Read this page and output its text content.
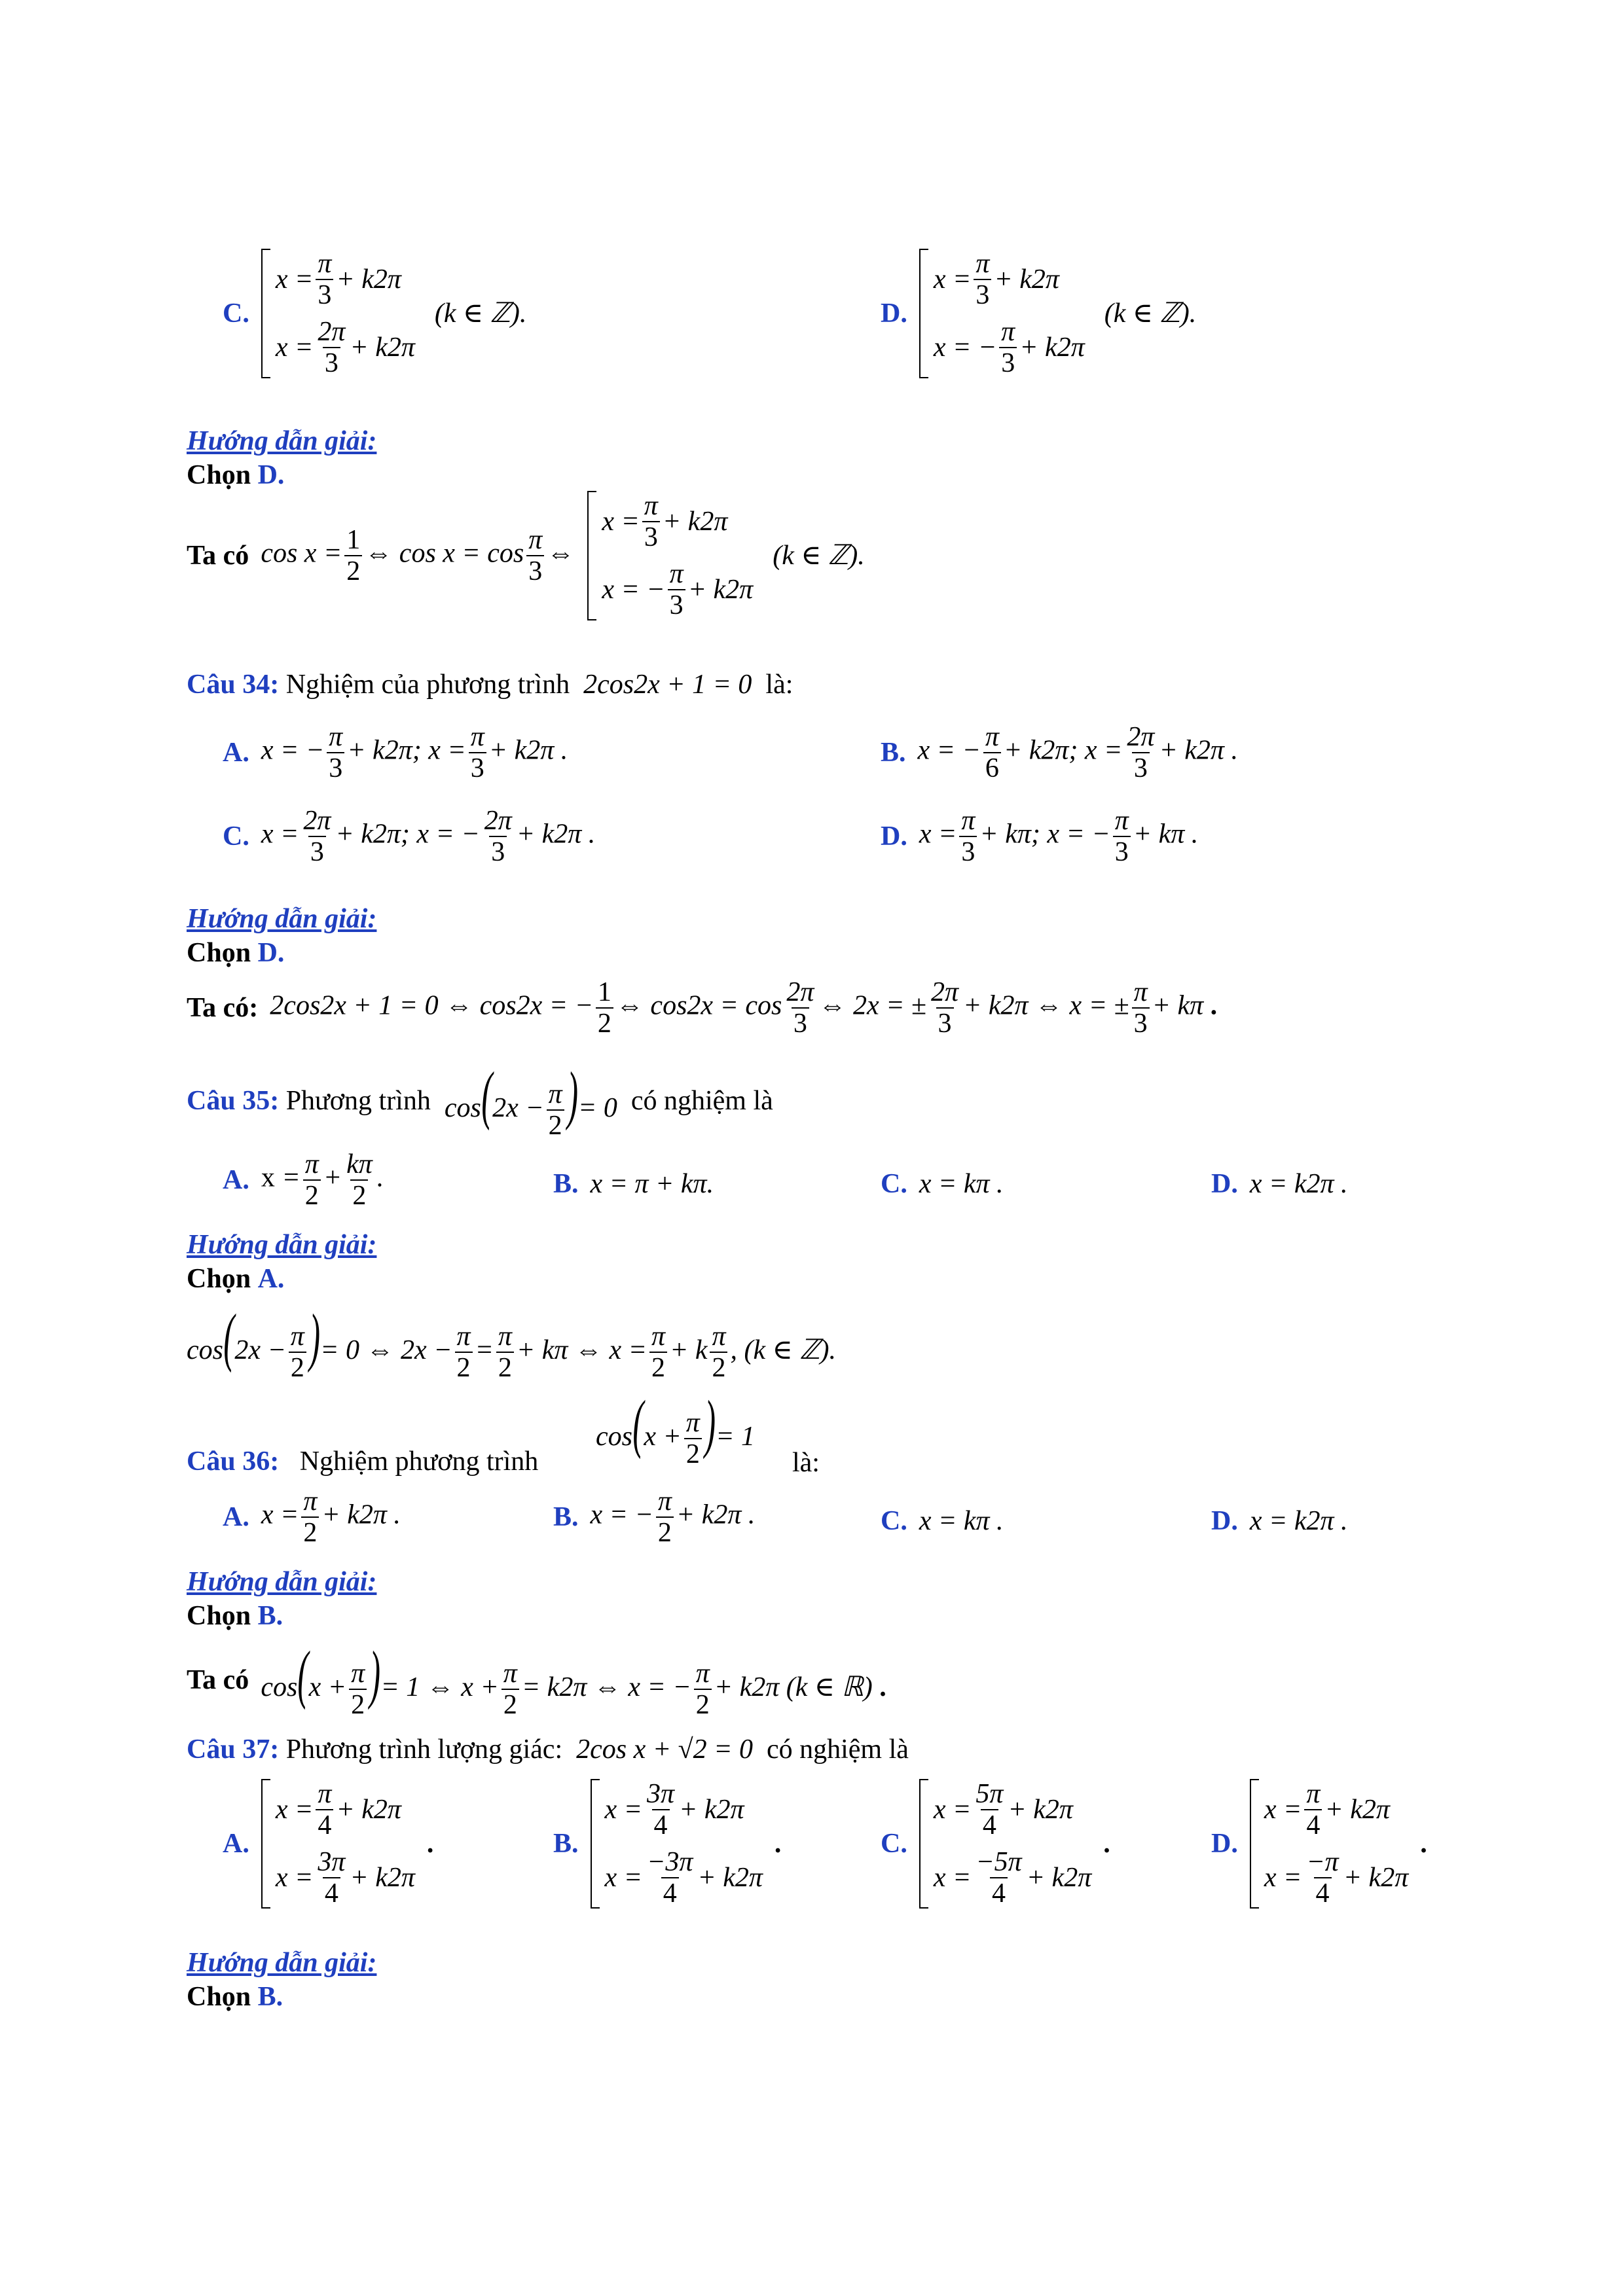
C.
$x = \frac{\pi}{3} + k2\pi$
$x = \frac{2\pi}{3} + k2\pi$
(k ∈ ℤ).	D.
$x = \frac{\pi}{3} + k2\pi$
x = − $\frac{\pi}{3} + k2\pi$
(k ∈ ℤ).
Hướng dẫn giải:
Chọn
D.
Ta có $\cos x = \frac{1}{2}$ ⇔ $\cos x = \cos \frac{\pi}{3}$ ⇔
$x = \frac{\pi}{3} + k2\pi$
x = − $\frac{\pi}{3} + k2\pi$
(k ∈ ℤ).
Câu 34:
Nghiệm của phương trình
2cos2x + 1 = 0
là:
A. x = − $\frac{\pi}{3} + k2\pi$; $x = \frac{\pi}{3} + k2\pi$ .	B. x = − $\frac{\pi}{6} + k2\pi$; $x = \frac{2\pi}{3} + k2\pi$ .
C. $x = \frac{2\pi}{3} + k2\pi$; x = − $\frac{2\pi}{3} + k2\pi$ .	D. $x = \frac{\pi}{3} + k\pi$; x = − $\frac{\pi}{3} + k\pi$ .
Hướng dẫn giải:
Chọn
D.
Ta có: 2cos2x + 1 = 0 ⇔ cos2x = − $\frac{1}{2}$ ⇔ $\cos 2x = \cos \frac{2\pi}{3}$ ⇔ 2x = ± $\frac{2\pi}{3} + k2\pi$ ⇔ x = ± $\frac{\pi}{3} + k\pi$ .
Câu 35:
Phương trình
$\cos(2x - \frac{\pi}{2}$ )= 0
có nghiệm là
A. $x = \frac{\pi}{2} + \frac{k\pi}{2}$ .	B. x = π + kπ.	C. x = kπ .	D. x = k2π .
Hướng dẫn giải:
Chọn
A.
$\cos(2x - \frac{\pi}{2}$ )= 0 ⇔ $2x - \frac{\pi}{2} = \frac{\pi}{2} + k\pi$ ⇔ $x = \frac{\pi}{2} + k \frac{\pi}{2}$ , (k ∈ ℤ).
$\cos(x + \frac{\pi}{2}$ )= 1
Câu 36:
Nghiệm phương trình	là:
A. $x = \frac{\pi}{2} + k2\pi$ .	B. x = − $\frac{\pi}{2} + k2\pi$ .	C. x = kπ .	D. x = k2π .
Hướng dẫn giải:
Chọn
B.
Ta có $\cos(x + \frac{\pi}{2}$ )= 1 ⇔ $x + \frac{\pi}{2} = k2\pi$ ⇔ x = − $\frac{\pi}{2} + k2\pi$ (k ∈ ℝ) .
Câu 37:
Phương trình lượng giác:
2cos x + √2 = 0
có nghiệm là
A.
$x = \frac{\pi}{4} + k2\pi$
$x = \frac{3\pi}{4} + k2\pi$
.	B.
$x = \frac{3\pi}{4} + k2\pi$
$x = \frac{-3\pi}{4} + k2\pi$
.	C.
$x = \frac{5\pi}{4} + k2\pi$
$x = \frac{-5\pi}{4} + k2\pi$
.	D.
$x = \frac{\pi}{4} + k2\pi$
$x = \frac{-\pi}{4} + k2\pi$
.
Hướng dẫn giải:
Chọn
B.
